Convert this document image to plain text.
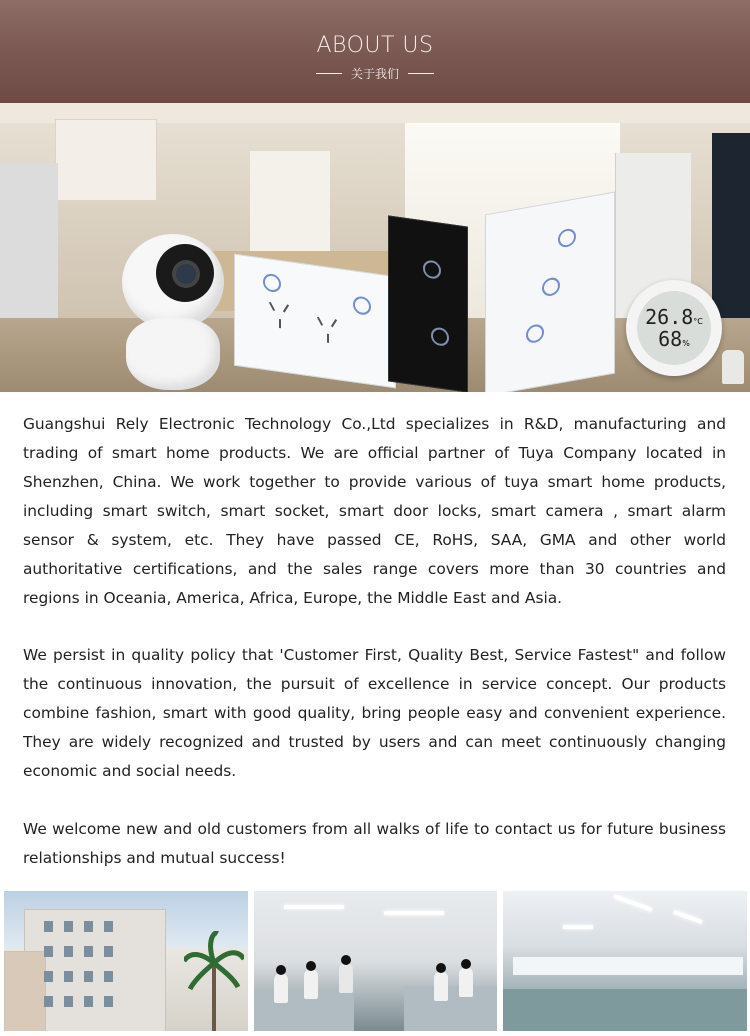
ABOUT US
关于我们
26.8°C
68%

Guangshui Rely Electronic Technology Co.,Ltd specializes in R&D, manufacturing and trading of smart home products. We are official partner of Tuya Company located in Shenzhen, China. We work together to provide various of tuya smart home products, including smart switch, smart socket, smart door locks, smart camera , smart alarm sensor & system, etc. They have passed CE, RoHS, SAA, GMA and other world authoritative certifications, and the sales range covers more than 30 countries and regions in Oceania, America, Africa, Europe, the Middle East and Asia.

We persist in quality policy that 'Customer First, Quality Best, Service Fastest" and follow the continuous innovation, the pursuit of excellence in service concept. Our products combine fashion, smart with good quality, bring people easy and convenient experience. They are widely recognized and trusted by users and can meet continuously changing economic and social needs.

We welcome new and old customers from all walks of life to contact us for future business relationships and mutual success!
